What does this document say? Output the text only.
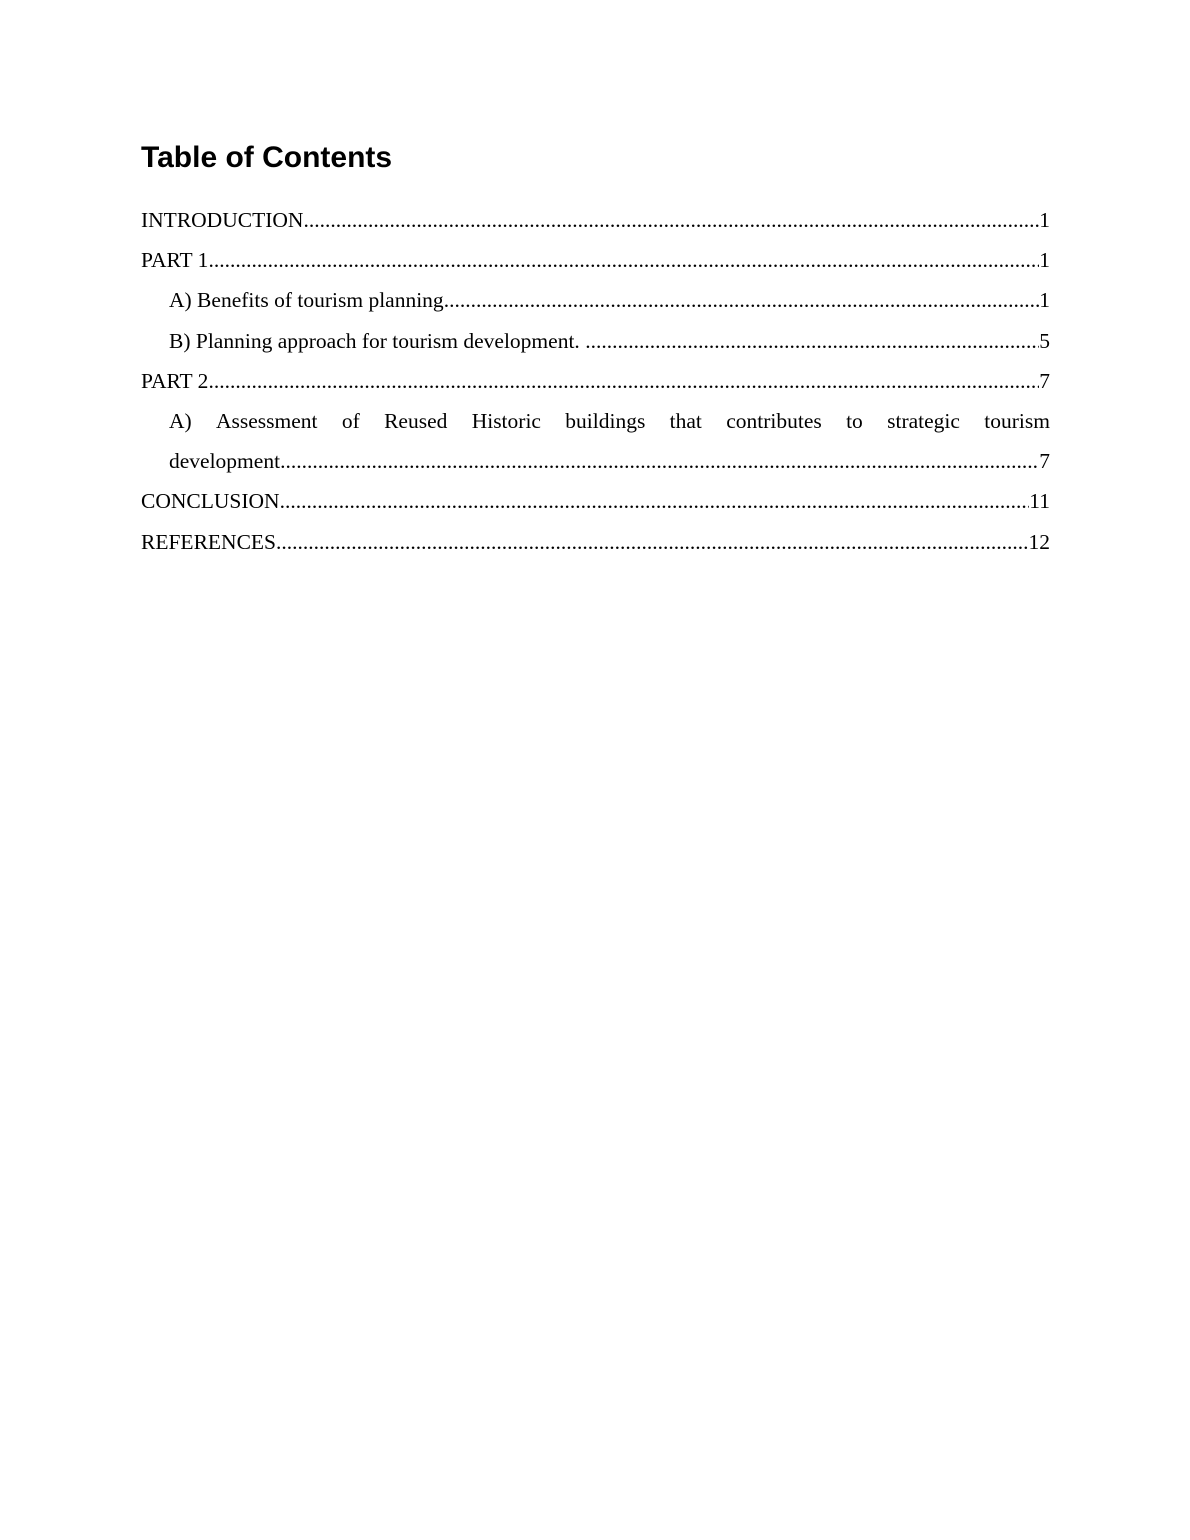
Table of Contents
INTRODUCTION .....	1
PART 1 .....	1
A) Benefits of tourism planning .....	1
B) Planning approach for tourism development. .....	5
PART 2 .....	7
A) Assessment of Reused Historic buildings that contributes to strategic tourism
development .....	7
CONCLUSION .....	11
REFERENCES .....	12
